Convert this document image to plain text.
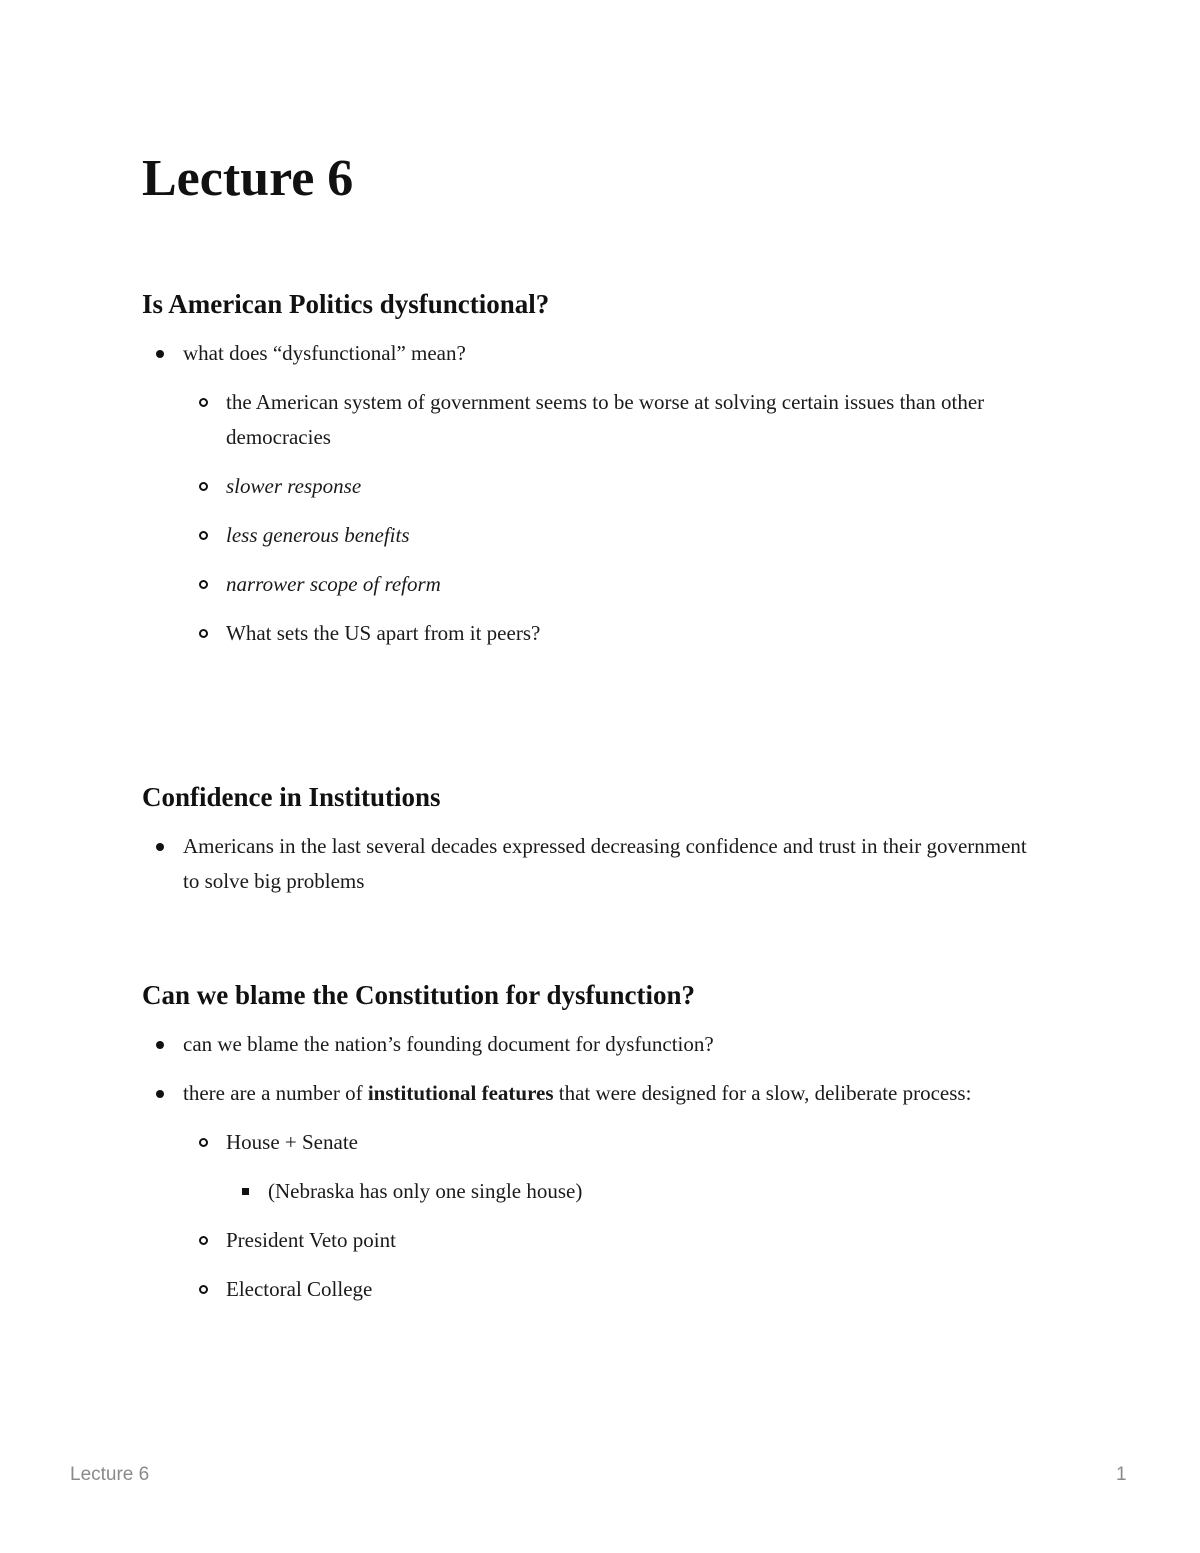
Lecture 6
Is American Politics dysfunctional?
what does “dysfunctional” mean?
the American system of government seems to be worse at solving certain issues than other democracies
slower response
less generous benefits
narrower scope of reform
What sets the US apart from it peers?
Confidence in Institutions
Americans in the last several decades expressed decreasing confidence and trust in their government to solve big problems
Can we blame the Constitution for dysfunction?
can we blame the nation’s founding document for dysfunction?
there are a number of institutional features that were designed for a slow, deliberate process:
House + Senate
(Nebraska has only one single house)
President Veto point
Electoral College
Lecture 6	1
